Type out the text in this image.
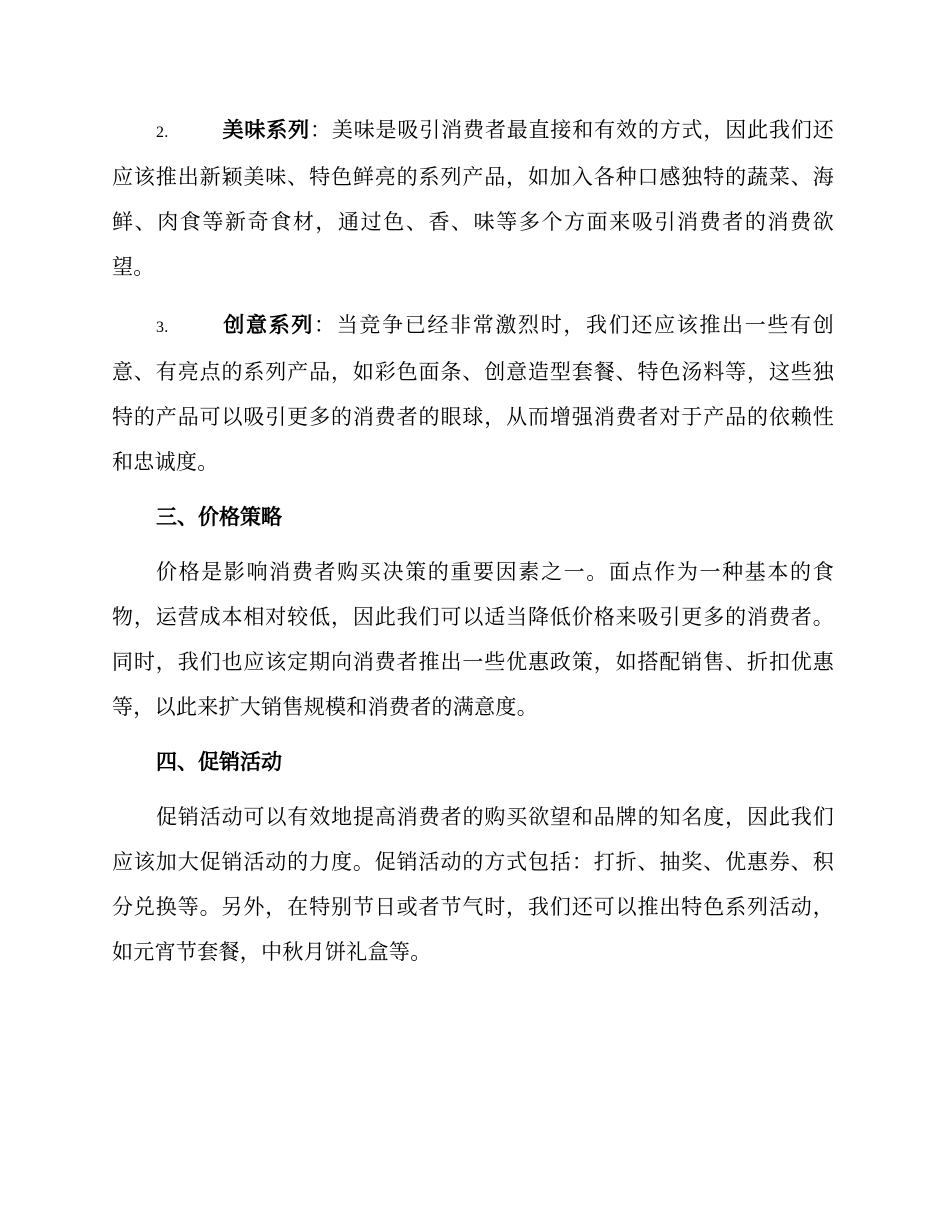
2.	美味系列：美味是吸引消费者最直接和有效的方式，因此我们还应该推出新颖美味、特色鲜亮的系列产品，如加入各种口感独特的蔬菜、海鲜、肉食等新奇食材，通过色、香、味等多个方面来吸引消费者的消费欲望。

3.	创意系列：当竞争已经非常激烈时，我们还应该推出一些有创意、有亮点的系列产品，如彩色面条、创意造型套餐、特色汤料等，这些独特的产品可以吸引更多的消费者的眼球，从而增强消费者对于产品的依赖性和忠诚度。

三、价格策略

价格是影响消费者购买决策的重要因素之一。面点作为一种基本的食物，运营成本相对较低，因此我们可以适当降低价格来吸引更多的消费者。同时，我们也应该定期向消费者推出一些优惠政策，如搭配销售、折扣优惠等，以此来扩大销售规模和消费者的满意度。

四、促销活动

促销活动可以有效地提高消费者的购买欲望和品牌的知名度，因此我们应该加大促销活动的力度。促销活动的方式包括：打折、抽奖、优惠券、积分兑换等。另外，在特别节日或者节气时，我们还可以推出特色系列活动，如元宵节套餐，中秋月饼礼盒等。
